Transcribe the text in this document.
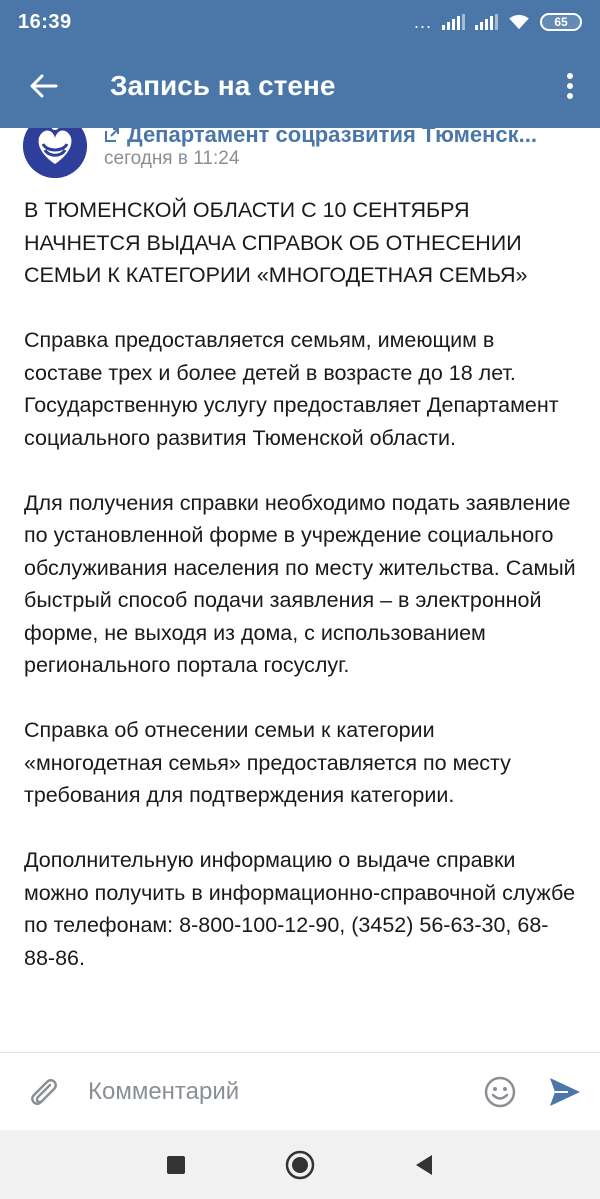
16:39	...	65
Запись на стене
Департамент соцразвития Тюменск...
сегодня в 11:24

В ТЮМЕНСКОЙ ОБЛАСТИ С 10 СЕНТЯБРЯ НАЧНЕТСЯ ВЫДАЧА СПРАВОК ОБ ОТНЕСЕНИИ СЕМЬИ К КАТЕГОРИИ «МНОГОДЕТНАЯ СЕМЬЯ»

Справка предоставляется семьям, имеющим в составе трех и более детей в возрасте до 18 лет. Государственную услугу предоставляет Департамент социального развития Тюменской области.

Для получения справки необходимо подать заявление по установленной форме в учреждение социального обслуживания населения по месту жительства. Самый быстрый способ подачи заявления – в электронной форме, не выходя из дома, с использованием регионального портала госуслуг.

Справка об отнесении семьи к категории «многодетная семья» предоставляется по месту требования для подтверждения категории.

Дополнительную информацию о выдаче справки можно получить в информационно-справочной службе по телефонам: 8-800-100-12-90, (3452) 56-63-30, 68-88-86.

Комментарий
